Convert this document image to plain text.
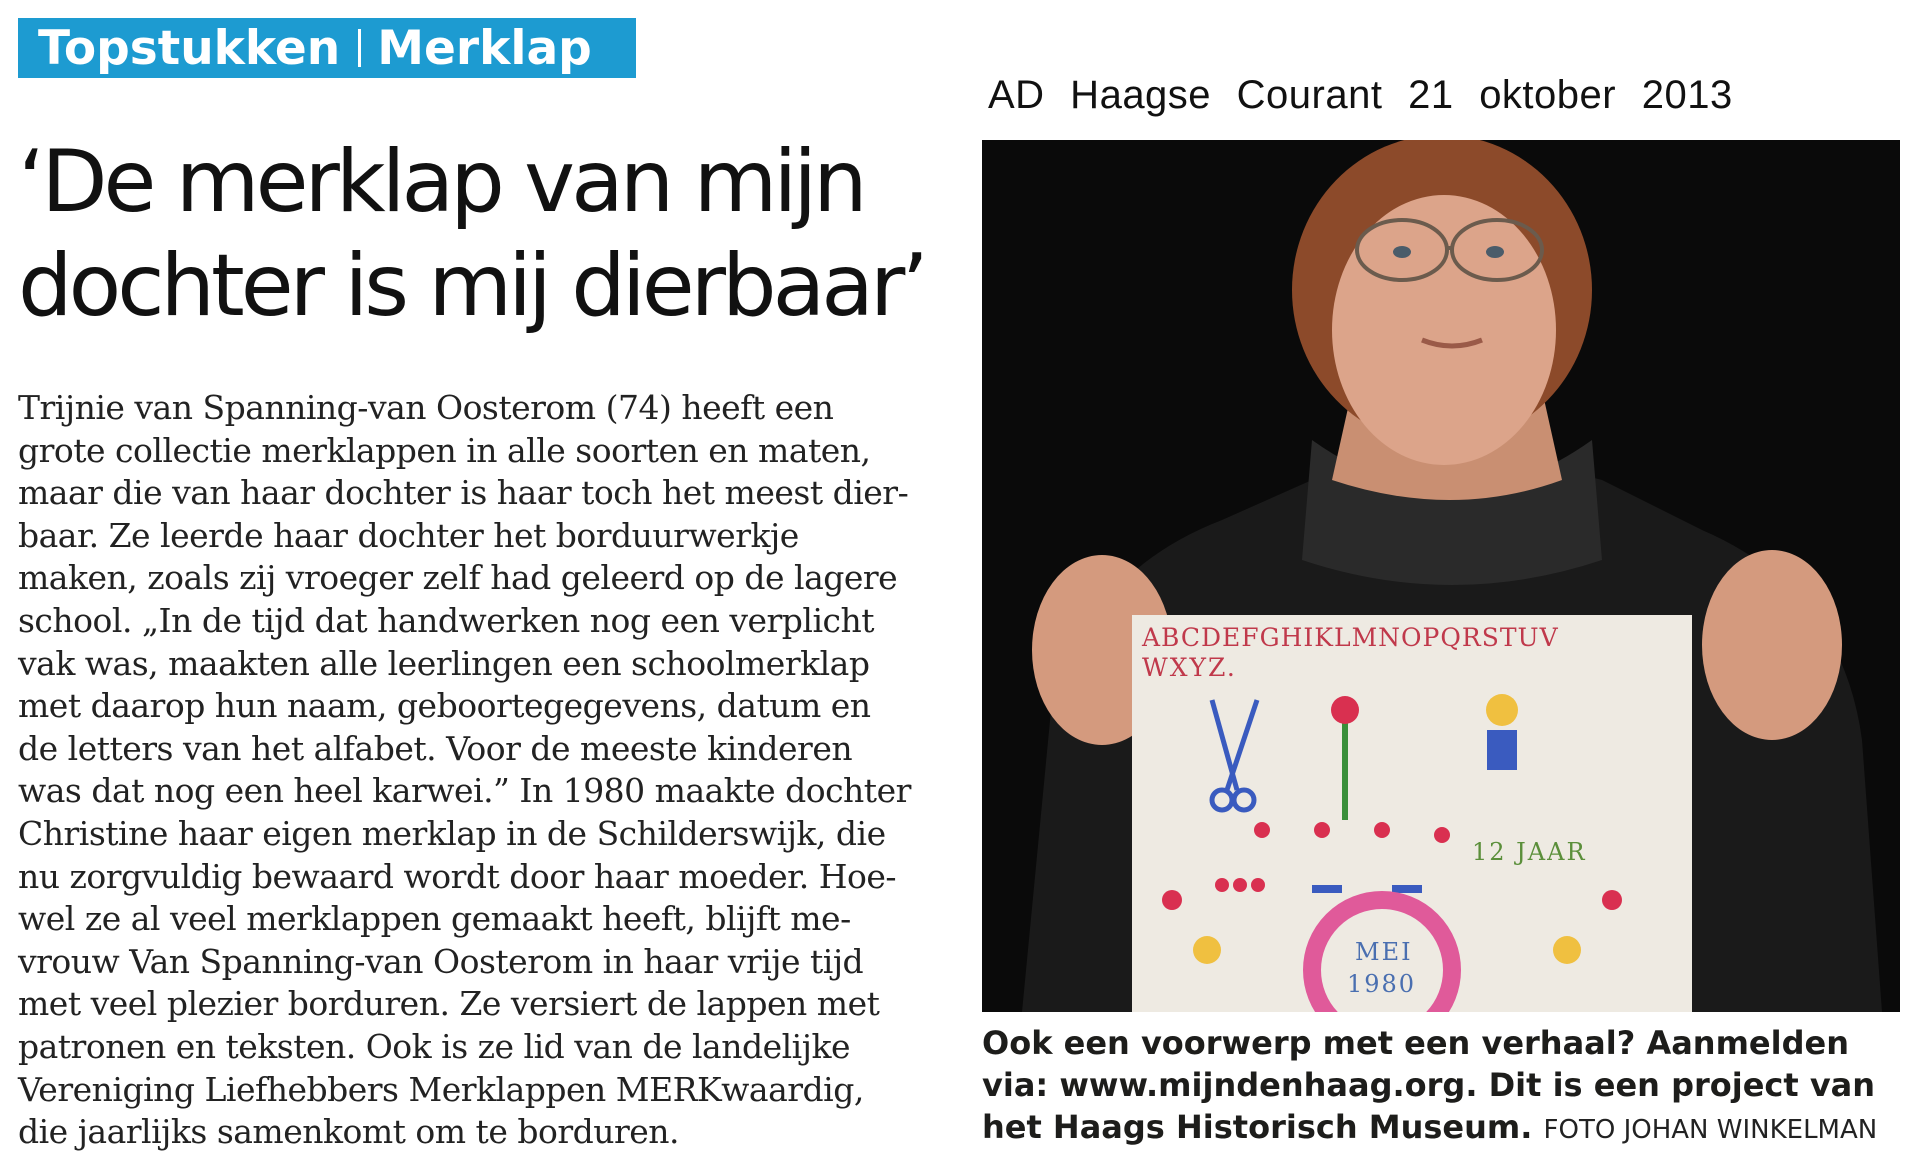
Topstukken Merklap
AD Haagse Courant 21 oktober 2013
‘De merklap van mijn
dochter is mij dierbaar’
Trijnie van Spanning-van Oosterom (74) heeft een
grote collectie merklappen in alle soorten en maten,
maar die van haar dochter is haar toch het meest dier-
baar. Ze leerde haar dochter het borduurwerkje
maken, zoals zij vroeger zelf had geleerd op de lagere
school. „In de tijd dat handwerken nog een verplicht
vak was, maakten alle leerlingen een schoolmerklap
met daarop hun naam, geboortegegevens, datum en
de letters van het alfabet. Voor de meeste kinderen
was dat nog een heel karwei.” In 1980 maakte dochter
Christine haar eigen merklap in de Schilderswijk, die
nu zorgvuldig bewaard wordt door haar moeder. Hoe-
wel ze al veel merklappen gemaakt heeft, blijft me-
vrouw Van Spanning-van Oosterom in haar vrije tijd
met veel plezier borduren. Ze versiert de lappen met
patronen en teksten. Ook is ze lid van de landelijke
Vereniging Liefhebbers Merklappen MERKwaardig,
die jaarlijks samenkomt om te borduren.
ABCDEFGHIKLMNOPQRSTUV
WXYZ.
12 JAAR
MEI
1980
Ook een voorwerp met een verhaal? Aanmelden
via: www.mijndenhaag.org. Dit is een project van
het Haags Historisch Museum. FOTO JOHAN WINKELMAN
